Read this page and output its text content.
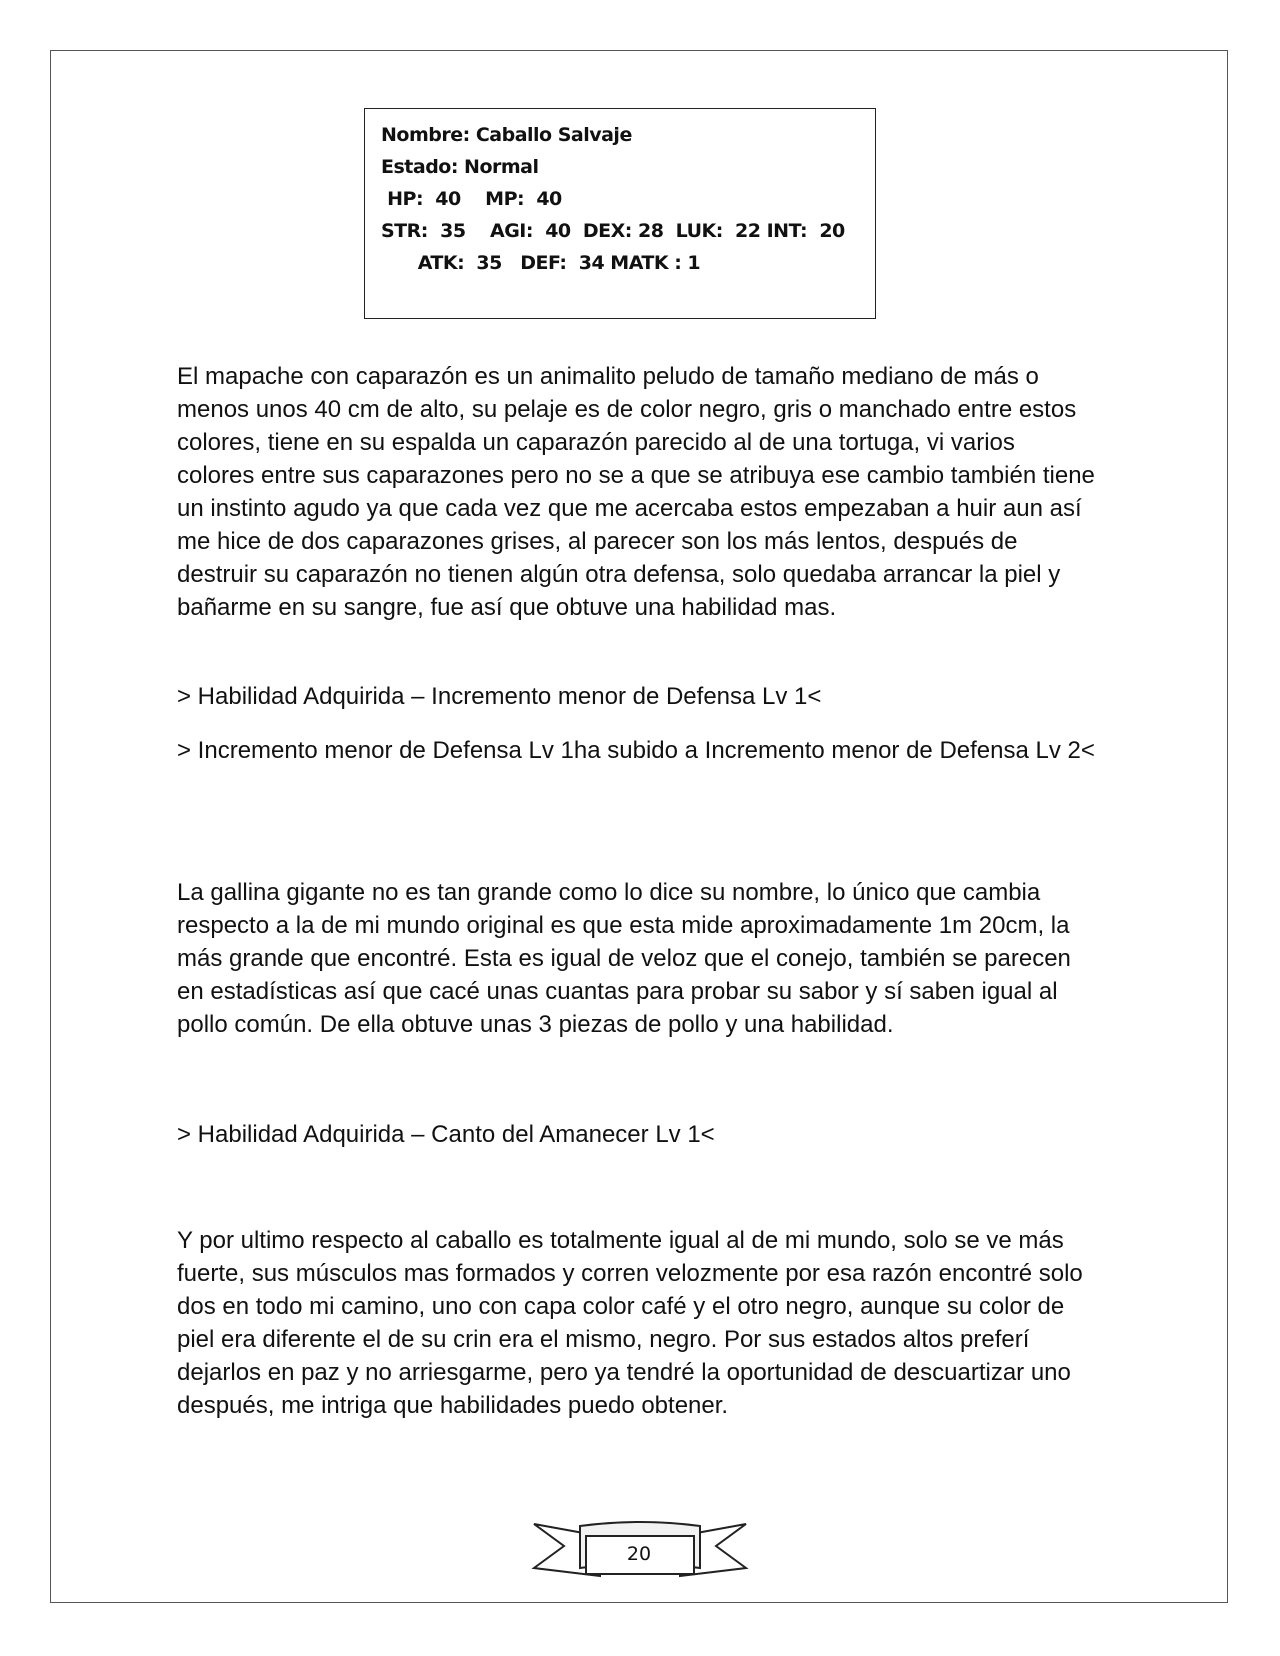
Nombre: Caballo Salvaje
Estado: Normal
HP:  40    MP:  40
STR:  35    AGI:  40  DEX: 28  LUK:  22 INT:  20
ATK:  35   DEF:  34 MATK : 1

El mapache con caparazón es un animalito peludo de tamaño mediano de más o menos unos 40 cm de alto, su pelaje es de color negro, gris o manchado entre estos colores, tiene en su espalda un caparazón parecido al de una tortuga, vi varios colores entre sus caparazones pero no se a que se atribuya ese cambio también tiene un instinto agudo ya que cada vez que me acercaba estos empezaban a huir aun así me hice de dos caparazones grises, al parecer son los más lentos, después de destruir su caparazón no tienen algún otra defensa, solo quedaba arrancar la piel y bañarme en su sangre, fue así que obtuve una habilidad mas.

> Habilidad Adquirida – Incremento menor de Defensa Lv 1<

> Incremento menor de Defensa Lv 1ha subido a Incremento menor de Defensa Lv 2<

La gallina gigante no es tan grande como lo dice su nombre, lo único que cambia respecto a la de mi mundo original es que esta mide aproximadamente 1m 20cm, la más grande que encontré. Esta es igual de veloz que el conejo, también se parecen en estadísticas así que cacé unas cuantas para probar su sabor y sí saben igual al pollo común. De ella obtuve unas 3 piezas de pollo y una habilidad.

> Habilidad Adquirida – Canto del Amanecer Lv 1<

Y por ultimo respecto al caballo es totalmente igual al de mi mundo, solo se ve más fuerte, sus músculos mas formados y corren velozmente por esa razón encontré solo dos en todo mi camino, uno con capa color café y el otro negro, aunque su color de piel era diferente el de su crin era el mismo, negro. Por sus estados altos preferí dejarlos en paz y no arriesgarme, pero ya tendré la oportunidad de descuartizar uno después, me intriga que habilidades puedo obtener.

20
